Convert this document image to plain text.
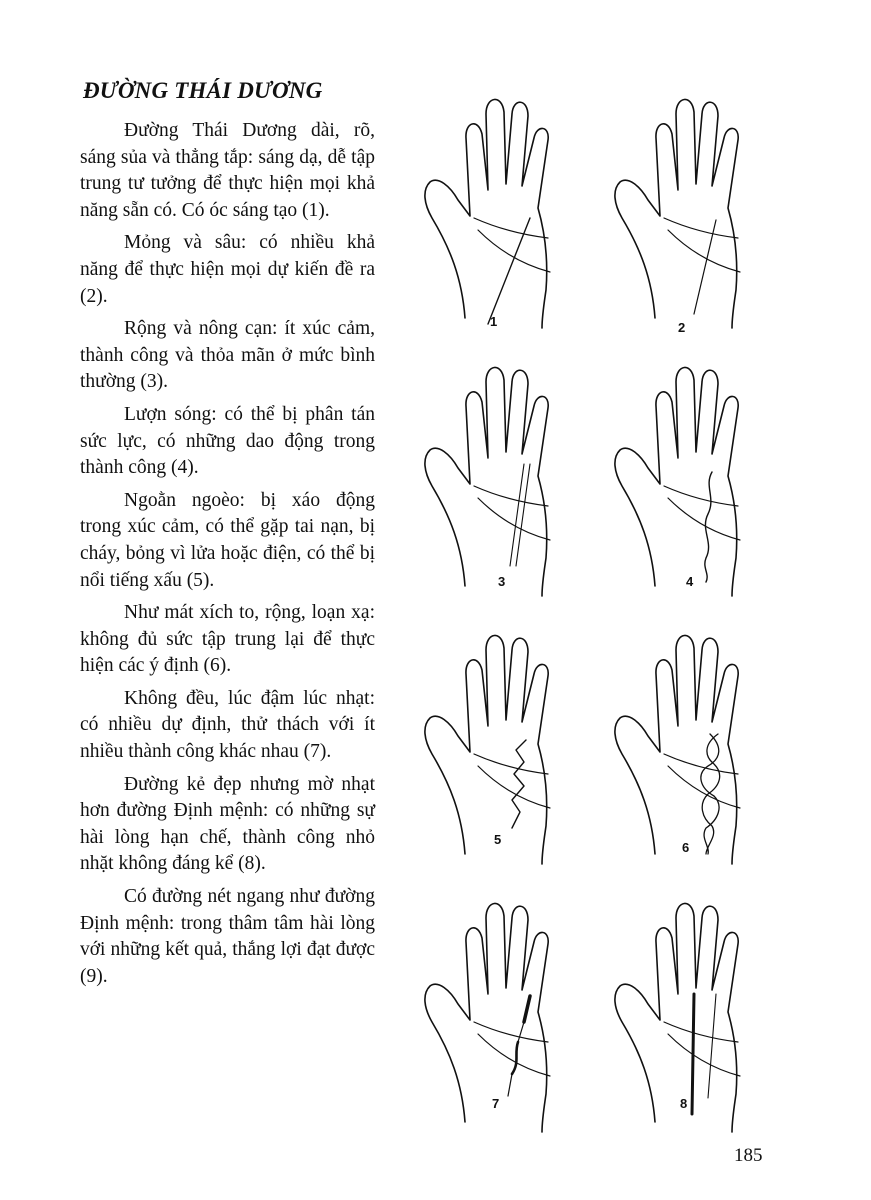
ĐƯỜNG THÁI DƯƠNG

Đường Thái Dương dài, rõ, sáng sủa và thẳng tắp: sáng dạ, dễ tập trung tư tưởng để thực hiện mọi khả năng sẵn có. Có óc sáng tạo (1).

Mỏng và sâu: có nhiều khả năng để thực hiện mọi dự kiến đề ra (2).

Rộng và nông cạn: ít xúc cảm, thành công và thỏa mãn ở mức bình thường (3).

Lượn sóng: có thể bị phân tán sức lực, có những dao động trong thành công (4).

Ngoằn ngoèo: bị xáo động trong xúc cảm, có thể gặp tai nạn, bị cháy, bỏng vì lửa hoặc điện, có thể bị nổi tiếng xấu (5).

Như mát xích to, rộng, loạn xạ: không đủ sức tập trung lại để thực hiện các ý định (6).

Không đều, lúc đậm lúc nhạt: có nhiều dự định, thử thách với ít nhiều thành công khác nhau (7).

Đường kẻ đẹp nhưng mờ nhạt hơn đường Định mệnh: có những sự hài lòng hạn chế, thành công nhỏ nhặt không đáng kể (8).

Có đường nét ngang như đường Định mệnh: trong thâm tâm hài lòng với những kết quả, thắng lợi đạt được (9).

1	2
3	4
5
6
7	8
185
